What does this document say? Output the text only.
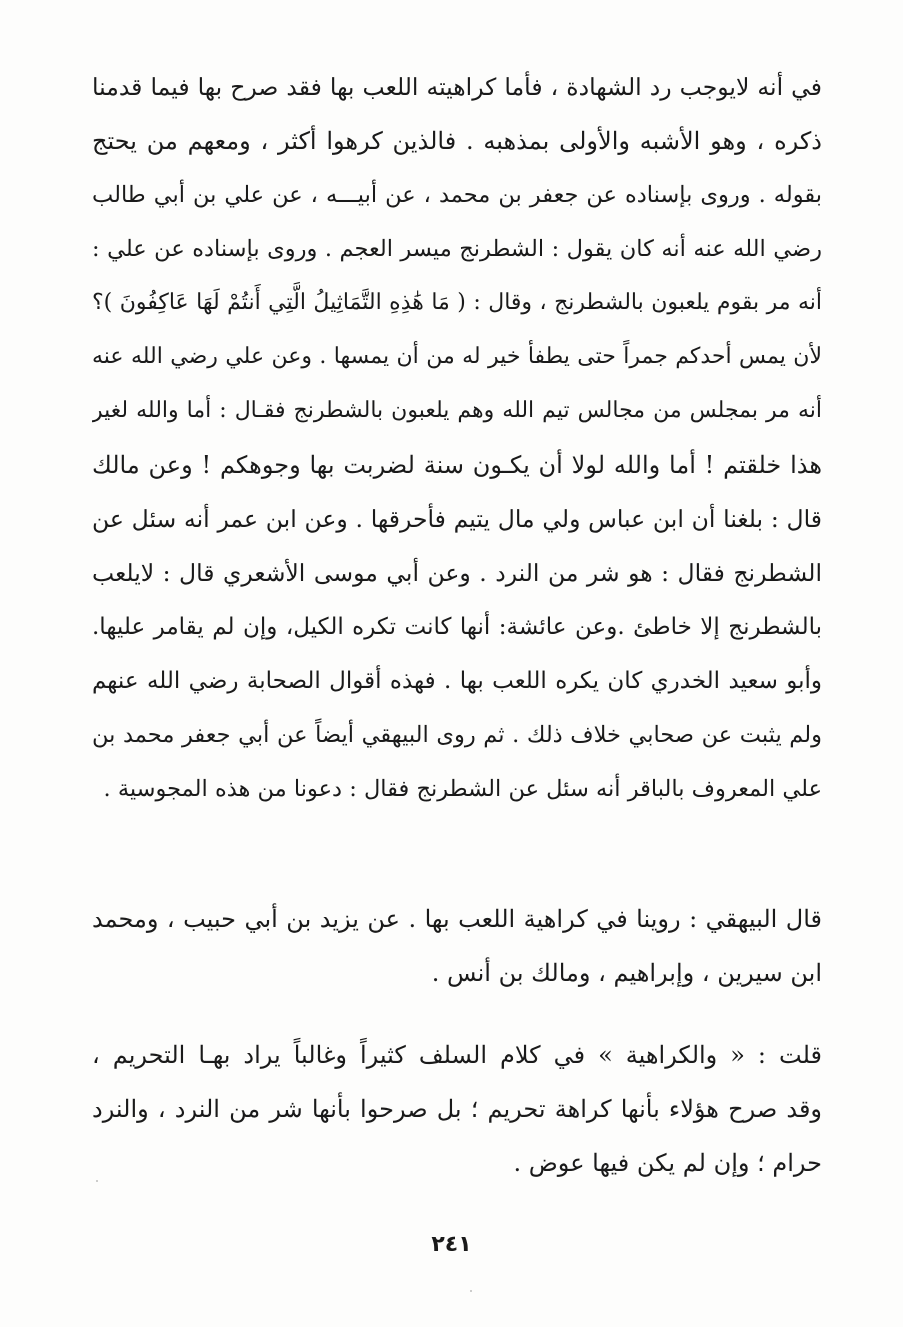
في أنه لايوجب رد الشهادة ، فأما كراهيته اللعب بها فقد صرح بها فيما قدمنا
ذكره ، وهو الأشبه والأولى بمذهبه . فالذين كرهوا أكثر ، ومعهم من يحتج
بقوله . وروى بإسناده عن جعفر بن محمد ، عن أبيـــه ، عن علي بن أبي طالب
رضي الله عنه أنه كان يقول : الشطرنج ميسر العجم . وروى بإسناده عن علي :
أنه مر بقوم يلعبون بالشطرنج ، وقال : ( مَا هَٰذِهِ التَّمَاثِيلُ الَّتِي أَنتُمْ لَهَا عَاكِفُونَ )؟
لأن يمس أحدكم جمراً حتى يطفأ خير له من أن يمسها . وعن علي رضي الله عنه
أنه مر بمجلس من مجالس تيم الله وهم يلعبون بالشطرنج فقـال : أما والله لغير
هذا خلقتم ! أما والله لولا أن يكـون سنة لضربت بها وجوهكم ! وعن مالك
قال : بلغنا أن ابن عباس ولي مال يتيم فأحرقها . وعن ابن عمر أنه سئل عن
الشطرنج فقال : هو شر من النرد . وعن أبي موسى الأشعري قال : لايلعب
بالشطرنج إلا خاطئ .وعن عائشة: أنها كانت تكره الكيل، وإن لم يقامر عليها.
وأبو سعيد الخدري كان يكره اللعب بها . فهذه أقوال الصحابة رضي الله عنهم
ولم يثبت عن صحابي خلاف ذلك . ثم روى البيهقي أيضاً عن أبي جعفر محمد بن
علي المعروف بالباقر أنه سئل عن الشطرنج فقال : دعونا من هذه المجوسية .
قال البيهقي : روينا في كراهية اللعب بها . عن يزيد بن أبي حبيب ، ومحمد
ابن سيرين ، وإبراهيم ، ومالك بن أنس .
قلت : « والكراهية » في كلام السلف كثيراً وغالباً يراد بهـا التحريم ،
وقد صرح هؤلاء بأنها كراهة تحريم ؛ بل صرحوا بأنها شر من النرد ، والنرد
حرام ؛ وإن لم يكن فيها عوض .
٢٤١
